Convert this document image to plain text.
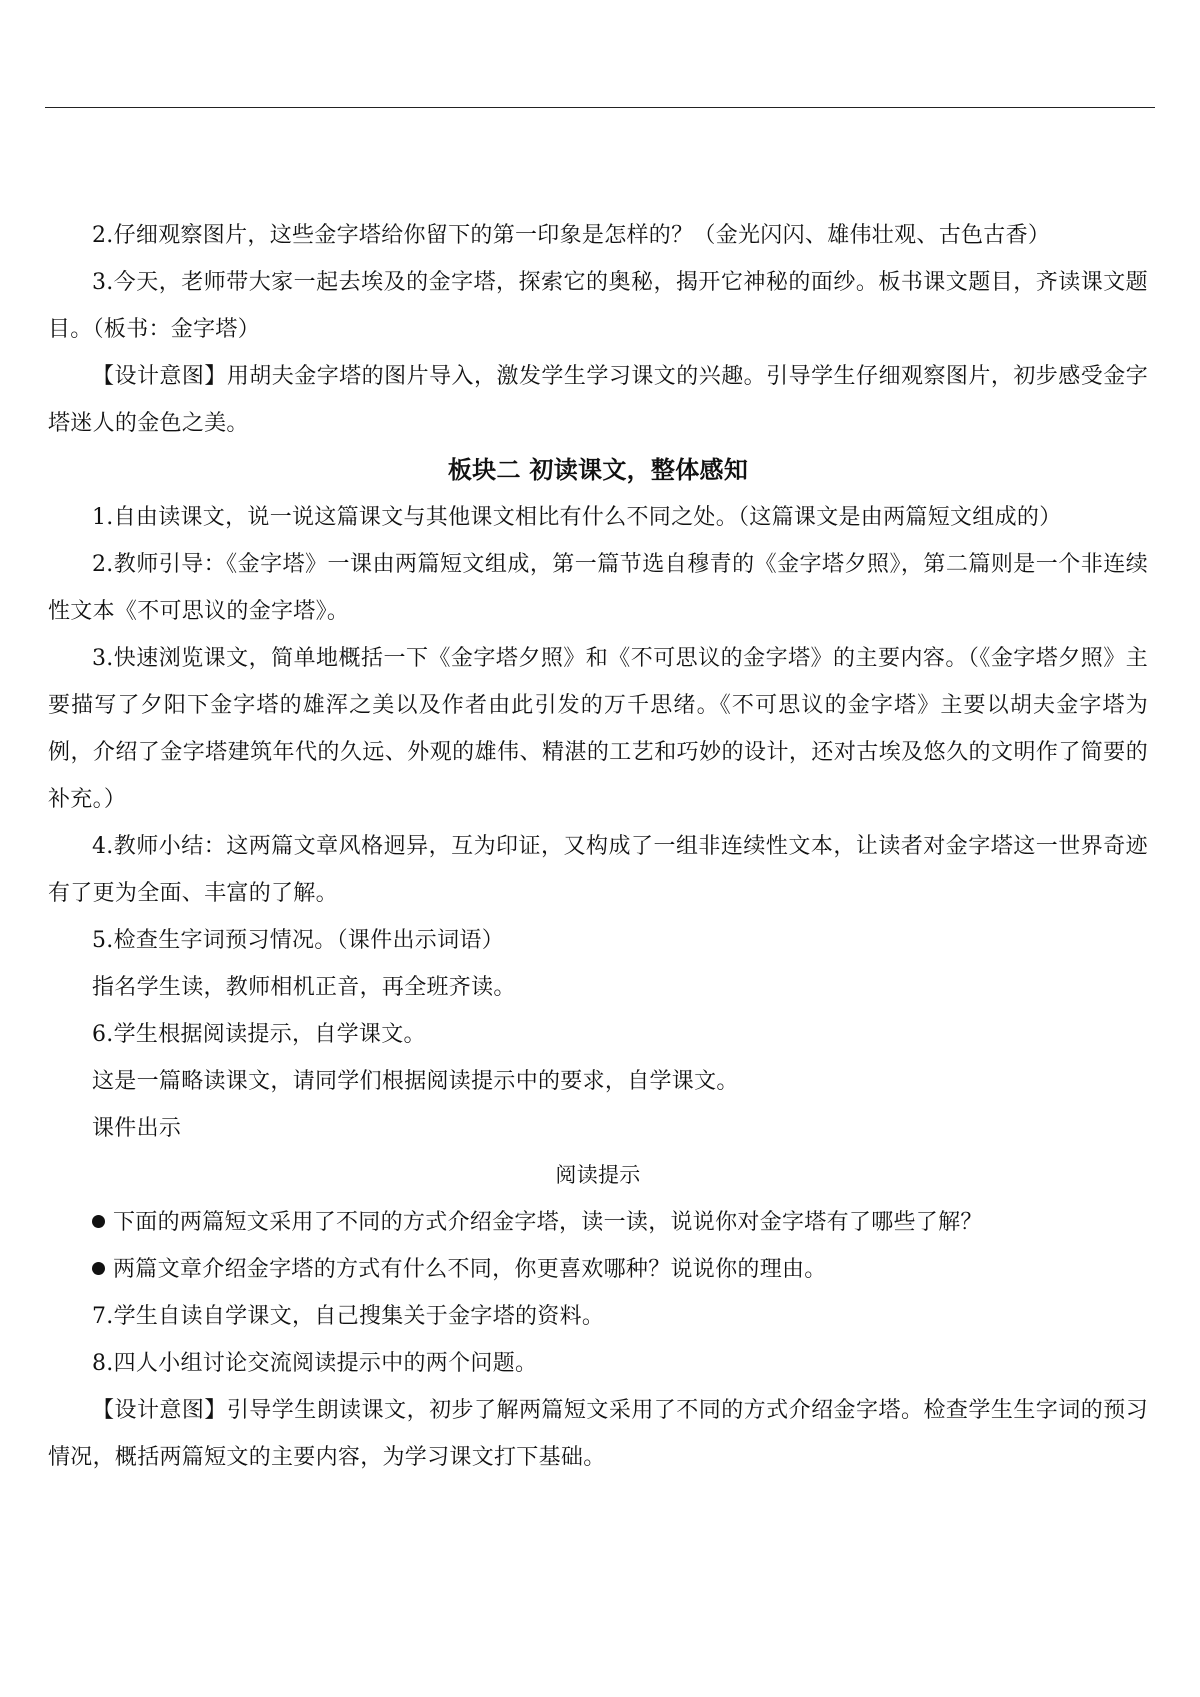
2.仔细观察图片，这些金字塔给你留下的第一印象是怎样的？（金光闪闪、雄伟壮观、古色古香）

3.今天，老师带大家一起去埃及的金字塔，探索它的奥秘，揭开它神秘的面纱。板书课文题目，齐读课文题目。（板书：金字塔）

【设计意图】用胡夫金字塔的图片导入，激发学生学习课文的兴趣。引导学生仔细观察图片，初步感受金字塔迷人的金色之美。

板块二 初读课文，整体感知

1.自由读课文，说一说这篇课文与其他课文相比有什么不同之处。（这篇课文是由两篇短文组成的）

2.教师引导：《金字塔》一课由两篇短文组成，第一篇节选自穆青的《金字塔夕照》，第二篇则是一个非连续性文本《不可思议的金字塔》。

3.快速浏览课文，简单地概括一下《金字塔夕照》和《不可思议的金字塔》的主要内容。（《金字塔夕照》主要描写了夕阳下金字塔的雄浑之美以及作者由此引发的万千思绪。《不可思议的金字塔》主要以胡夫金字塔为例，介绍了金字塔建筑年代的久远、外观的雄伟、精湛的工艺和巧妙的设计，还对古埃及悠久的文明作了简要的补充。）

4.教师小结：这两篇文章风格迥异，互为印证，又构成了一组非连续性文本，让读者对金字塔这一世界奇迹有了更为全面、丰富的了解。

5.检查生字词预习情况。（课件出示词语）

指名学生读，教师相机正音，再全班齐读。

6.学生根据阅读提示，自学课文。

这是一篇略读课文，请同学们根据阅读提示中的要求，自学课文。

课件出示

阅读提示

下面的两篇短文采用了不同的方式介绍金字塔，读一读，说说你对金字塔有了哪些了解？

两篇文章介绍金字塔的方式有什么不同，你更喜欢哪种？说说你的理由。

7.学生自读自学课文，自己搜集关于金字塔的资料。

8.四人小组讨论交流阅读提示中的两个问题。

【设计意图】引导学生朗读课文，初步了解两篇短文采用了不同的方式介绍金字塔。检查学生生字词的预习情况，概括两篇短文的主要内容，为学习课文打下基础。
